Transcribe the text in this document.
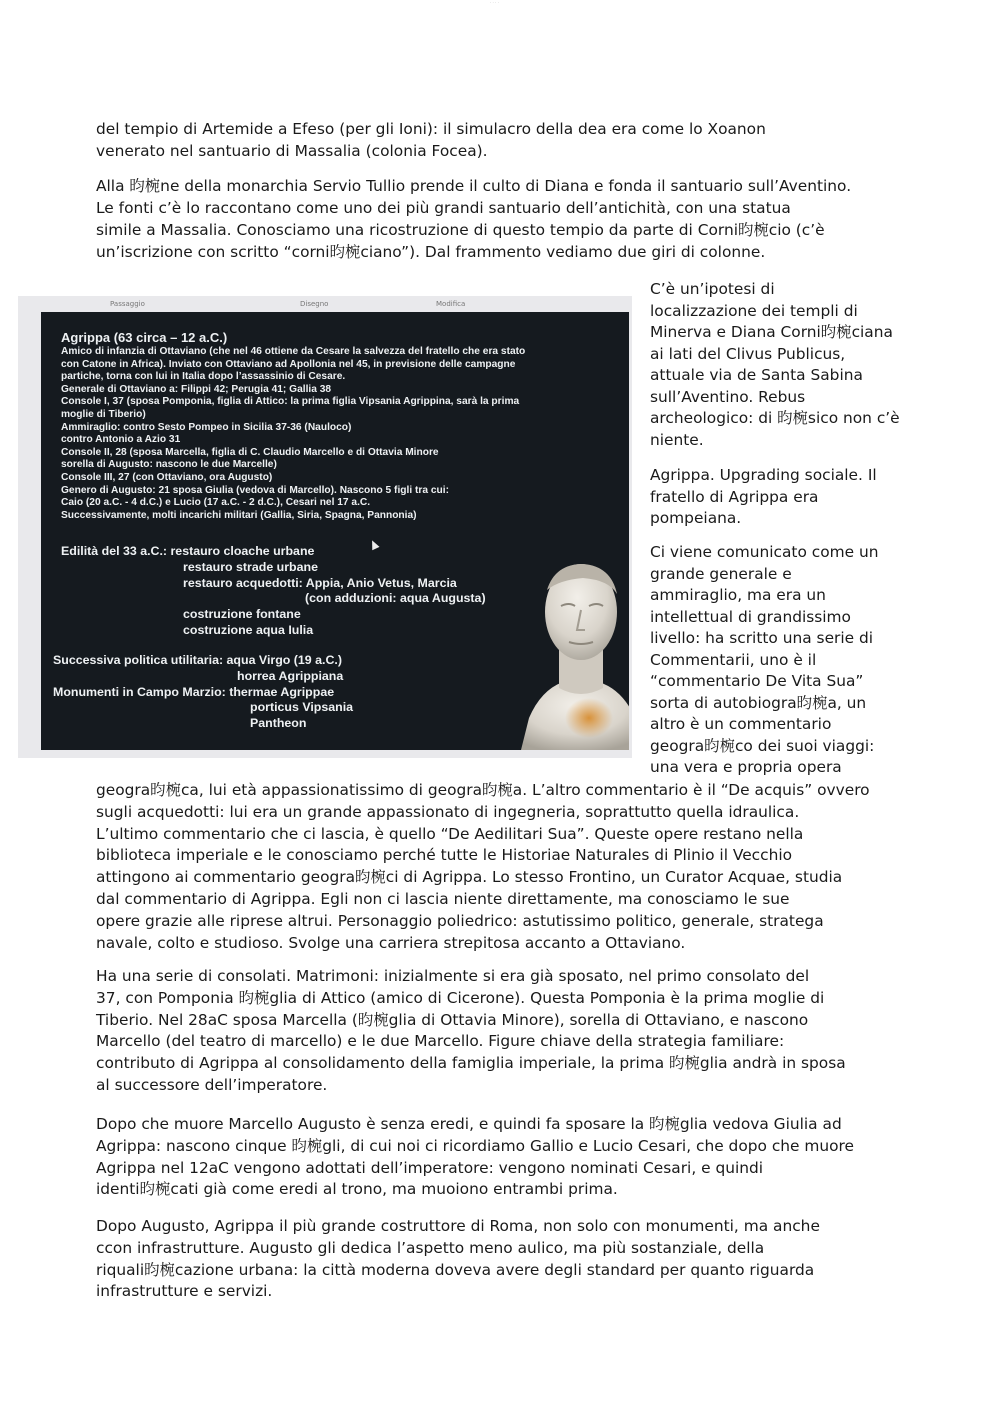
· · · ·

del tempio di Artemide a Efeso (per gli Ioni): il simulacro della dea era come lo Xoanon
venerato nel santuario di Massalia (colonia Focea).

Alla 昀椀ne della monarchia Servio Tullio prende il culto di Diana e fonda il santuario sull’Aventino.
Le fonti c’è lo raccontano come uno dei più grandi santuario dell’antichità, con una statua
simile a Massalia. Conosciamo una ricostruzione di questo tempio da parte di Corni昀椀cio (c’è
un’iscrizione con scritto “corni昀椀ciano”). Dal frammento vediamo due giri di colonne.

Passaggio	Disegno	Modifica
Agrippa (63 circa – 12 a.C.)
Amico di infanzia di Ottaviano (che nel 46 ottiene da Cesare la salvezza del fratello che era stato
con Catone in Africa). Inviato con Ottaviano ad Apollonia nel 45, in previsione delle campagne
partiche, torna con lui in Italia dopo l’assassinio di Cesare.
Generale di Ottaviano a: Filippi 42; Perugia 41; Gallia 38
Console I, 37 (sposa Pomponia, figlia di Attico: la prima figlia Vipsania Agrippina, sarà la prima
moglie di Tiberio)
Ammiraglio: contro Sesto Pompeo in Sicilia 37-36 (Nauloco)
contro Antonio a Azio 31
Console II, 28 (sposa Marcella, figlia di C. Claudio Marcello e di Ottavia Minore
sorella di Augusto: nascono le due Marcelle)
Console III, 27 (con Ottaviano, ora Augusto)
Genero di Augusto: 21 sposa Giulia (vedova di Marcello). Nascono 5 figli tra cui:
Caio (20 a.C. - 4 d.C.) e Lucio (17 a.C. - 2 d.C.), Cesari nel 17 a.C.
Successivamente, molti incarichi militari (Gallia, Siria, Spagna, Pannonia)
Edilità del 33 a.C.: restauro cloache urbane
restauro strade urbane
restauro acquedotti: Appia, Anio Vetus, Marcia
(con adduzioni: aqua Augusta)
costruzione fontane
costruzione aqua Iulia
Successiva politica utilitaria: aqua Virgo (19 a.C.)
horrea Agrippiana
Monumenti in Campo Marzio: thermae Agrippae
porticus Vipsania
Pantheon

C’è un’ipotesi di
localizzazione dei templi di
Minerva e Diana Corni昀椀ciana
ai lati del Clivus Publicus,
attuale via de Santa Sabina
sull’Aventino. Rebus
archeologico: di 昀椀sico non c’è
niente.

Agrippa. Upgrading sociale. Il
fratello di Agrippa era
pompeiana.

Ci viene comunicato come un
grande generale e
ammiraglio, ma era un
intellettual di grandissimo
livello: ha scritto una serie di
Commentarii, uno è il
“commentario De Vita Sua”
sorta di autobiogra昀椀a, un
altro è un commentario
geogra昀椀co dei suoi viaggi:
una vera e propria opera

geogra昀椀ca, lui età appassionatissimo di geogra昀椀a. L’altro commentario è il “De acquis” ovvero
sugli acquedotti: lui era un grande appassionato di ingegneria, soprattutto quella idraulica.
L’ultimo commentario che ci lascia, è quello “De Aedilitari Sua”. Queste opere restano nella
biblioteca imperiale e le conosciamo perché tutte le Historiae Naturales di Plinio il Vecchio
attingono ai commentario geogra昀椀ci di Agrippa. Lo stesso Frontino, un Curator Acquae, studia
dal commentario di Agrippa. Egli non ci lascia niente direttamente, ma conosciamo le sue
opere grazie alle riprese altrui. Personaggio poliedrico: astutissimo politico, generale, stratega
navale, colto e studioso. Svolge una carriera strepitosa accanto a Ottaviano.

Ha una serie di consolati. Matrimoni: inizialmente si era già sposato, nel primo consolato del
37, con Pomponia 昀椀glia di Attico (amico di Cicerone). Questa Pomponia è la prima moglie di
Tiberio. Nel 28aC sposa Marcella (昀椀glia di Ottavia Minore), sorella di Ottaviano, e nascono
Marcello (del teatro di marcello) e le due Marcello. Figure chiave della strategia familiare:
contributo di Agrippa al consolidamento della famiglia imperiale, la prima 昀椀glia andrà in sposa
al successore dell’imperatore.

Dopo che muore Marcello Augusto è senza eredi, e quindi fa sposare la 昀椀glia vedova Giulia ad
Agrippa: nascono cinque 昀椀gli, di cui noi ci ricordiamo Gallio e Lucio Cesari, che dopo che muore
Agrippa nel 12aC vengono adottati dell’imperatore: vengono nominati Cesari, e quindi
identi昀椀cati già come eredi al trono, ma muoiono entrambi prima.

Dopo Augusto, Agrippa il più grande costruttore di Roma, non solo con monumenti, ma anche
ccon infrastrutture. Augusto gli dedica l’aspetto meno aulico, ma più sostanziale, della
riquali昀椀cazione urbana: la città moderna doveva avere degli standard per quanto riguarda
infrastrutture e servizi.
